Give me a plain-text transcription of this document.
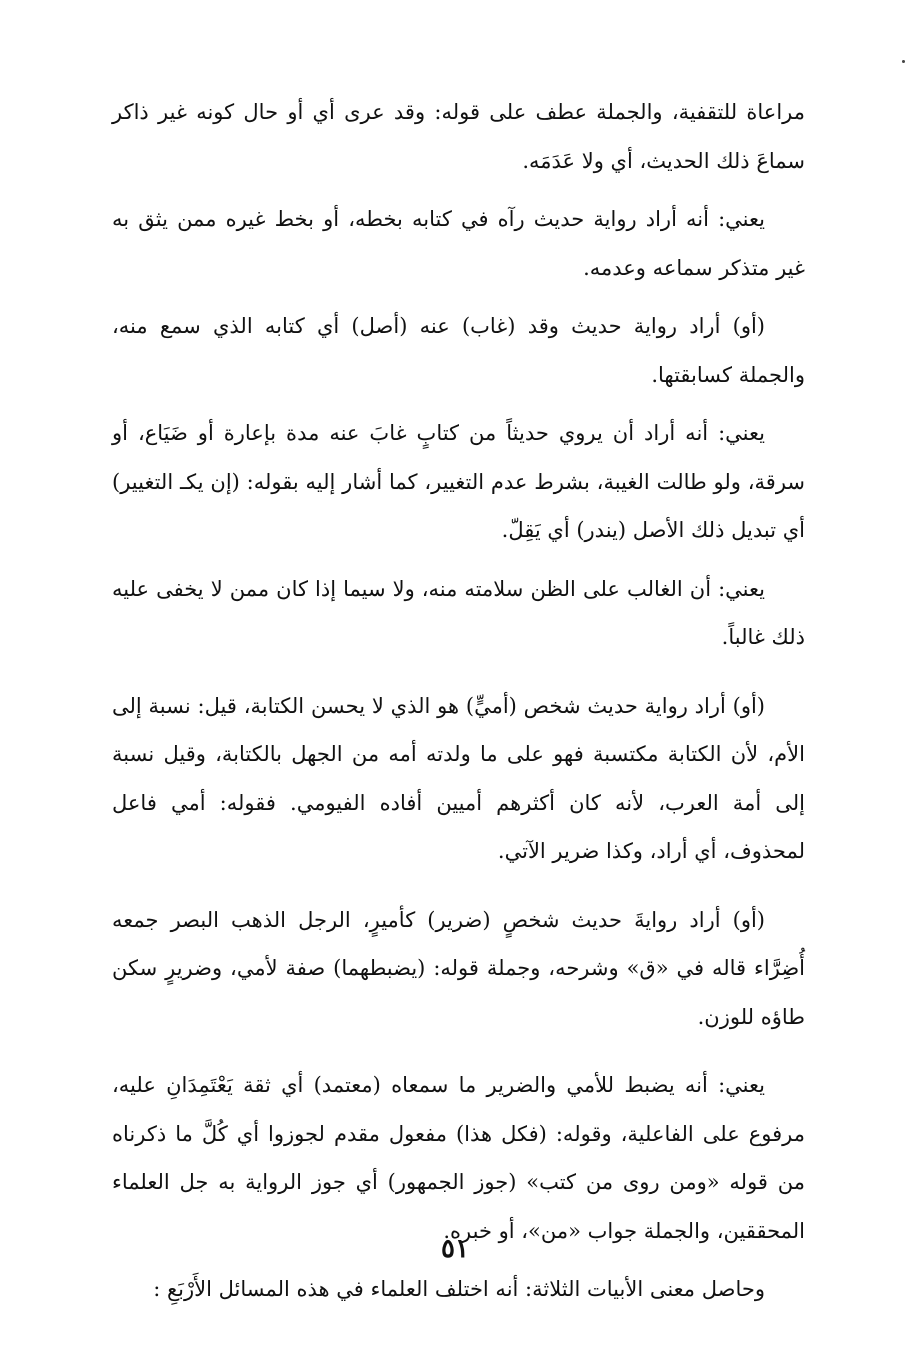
مراعاة للتقفية، والجملة عطف على قوله: وقد عرى أي أو حال كونه غير ذاكر سماعَ ذلك الحديث، أي ولا عَدَمَه.

يعني: أنه أراد رواية حديث رآه في كتابه بخطه، أو بخط غيره ممن يثق به غير متذكر سماعه وعدمه.

(أو) أراد رواية حديث وقد (غاب) عنه (أصل) أي كتابه الذي سمع منه، والجملة كسابقتها.

يعني: أنه أراد أن يروي حديثاً من كتابٍ غابَ عنه مدة بإعارة أو ضَيَاع، أو سرقة، ولو طالت الغيبة، بشرط عدم التغيير، كما أشار إليه بقوله: (إن يكـ التغيير) أي تبديل ذلك الأصل (يندر) أي يَقِلّ.

يعني: أن الغالب على الظن سلامته منه، ولا سيما إذا كان ممن لا يخفى عليه ذلك غالباً.

(أو) أراد رواية حديث شخص (أميٍّ) هو الذي لا يحسن الكتابة، قيل: نسبة إلى الأم، لأن الكتابة مكتسبة فهو على ما ولدته أمه من الجهل بالكتابة، وقيل نسبة إلى أمة العرب، لأنه كان أكثرهم أميين أفاده الفيومي. فقوله: أمي فاعل لمحذوف، أي أراد، وكذا ضرير الآتي.

(أو) أراد روايةَ حديث شخصٍ (ضرير) كأميرٍ، الرجل الذهب البصر جمعه أُضِرَّاء قاله في «ق» وشرحه، وجملة قوله: (يضبطهما) صفة لأمي، وضريرٍ سكن طاؤه للوزن.

يعني: أنه يضبط للأمي والضرير ما سمعاه (معتمد) أي ثقة يَعْتَمِدَانِ عليه، مرفوع على الفاعلية، وقوله: (فكل هذا) مفعول مقدم لجوزوا أي كُلَّ ما ذكرناه من قوله «ومن روى من كتب» (جوز الجمهور) أي جوز الرواية به جل العلماء المحققين، والجملة جواب «من»، أو خبره.

وحاصل معنى الأبيات الثلاثة: أنه اختلف العلماء في هذه المسائل الأَرْبَعِ :

٥١
